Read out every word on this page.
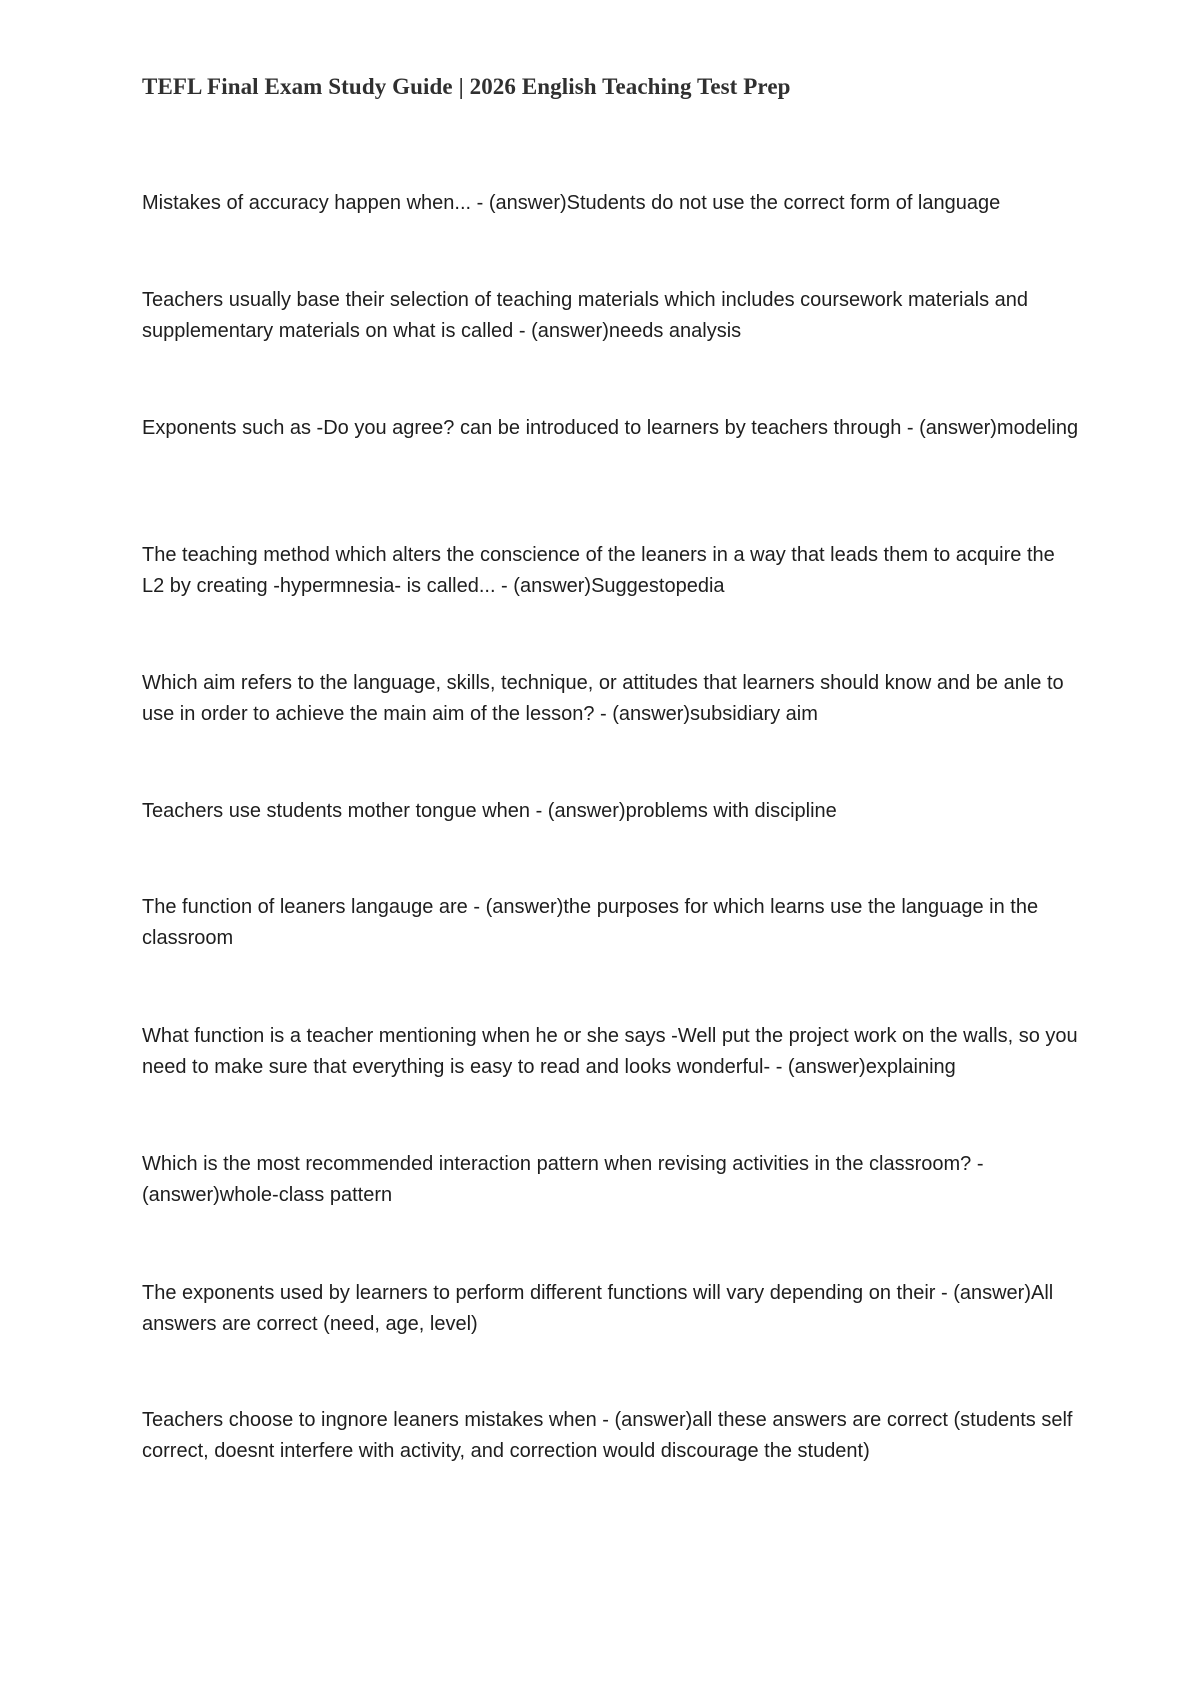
TEFL Final Exam Study Guide | 2026 English Teaching Test Prep
Mistakes of accuracy happen when... - (answer)Students do not use the correct form of language
Teachers usually base their selection of teaching materials which includes coursework materials and supplementary materials on what is called - (answer)needs analysis
Exponents such as -Do you agree? can be introduced to learners by teachers through - (answer)modeling
The teaching method which alters the conscience of the leaners in a way that leads them to acquire the L2 by creating -hypermnesia- is called... - (answer)Suggestopedia
Which aim refers to the language, skills, technique, or attitudes that learners should know and be anle to use in order to achieve the main aim of the lesson? - (answer)subsidiary aim
Teachers use students mother tongue when - (answer)problems with discipline
The function of leaners langauge are - (answer)the purposes for which learns use the language in the classroom
What function is a teacher mentioning when he or she says -Well put the project work on the walls, so you need to make sure that everything is easy to read and looks wonderful- - (answer)explaining
Which is the most recommended interaction pattern when revising activities in the classroom? - (answer)whole-class pattern
The exponents used by learners to perform different functions will vary depending on their - (answer)All answers are correct (need, age, level)
Teachers choose to ingnore leaners mistakes when - (answer)all these answers are correct (students self correct, doesnt interfere with activity, and correction would discourage the student)
